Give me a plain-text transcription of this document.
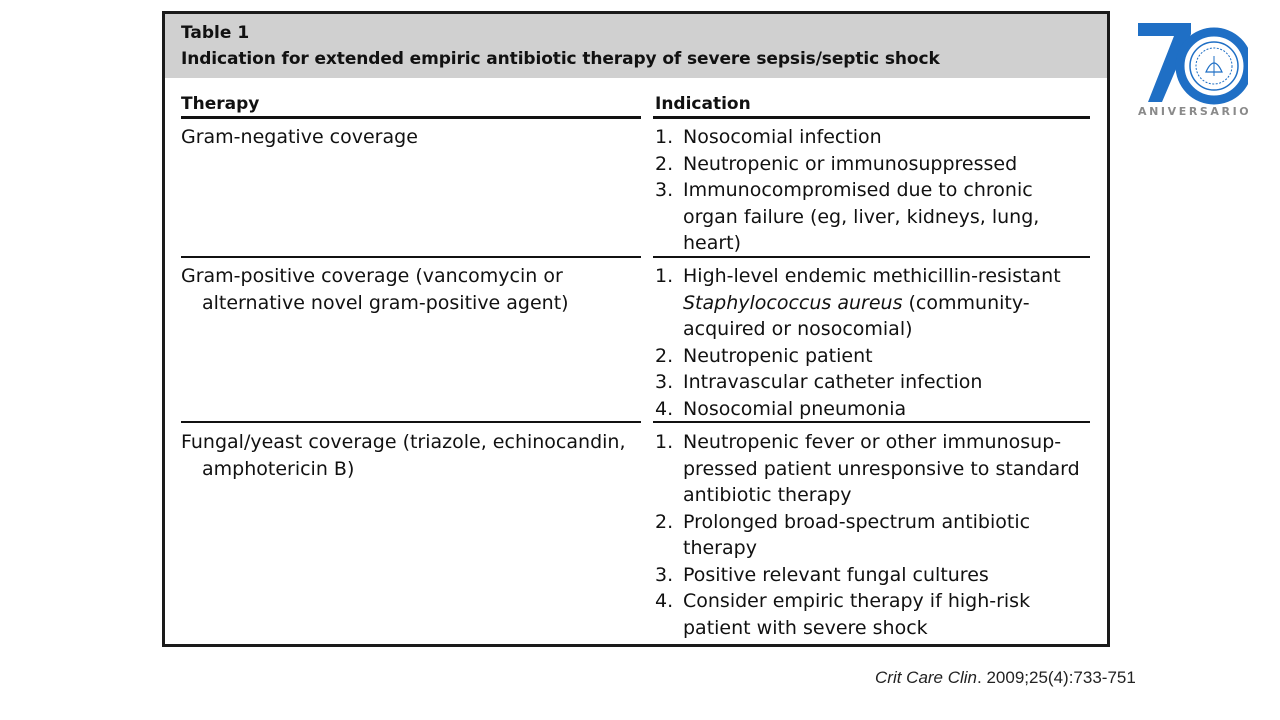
Table 1
Indication for extended empiric antibiotic therapy of severe sepsis/septic shock
Therapy	Indication
Gram-negative coverage	1. Nosocomial infection
2. Neutropenic or immunosuppressed
3. Immunocompromised due to chronic organ failure (eg, liver, kidneys, lung, heart)
Gram-positive coverage (vancomycin or alternative novel gram-positive agent)
1. High-level endemic methicillin-resistant Staphylococcus aureus (community-acquired or nosocomial)
2. Neutropenic patient
3. Intravascular catheter infection
4. Nosocomial pneumonia
Fungal/yeast coverage (triazole, echinocandin, amphotericin B)
1. Neutropenic fever or other immunosup-pressed patient unresponsive to standard antibiotic therapy
2. Prolonged broad-spectrum antibiotic therapy
3. Positive relevant fungal cultures
4. Consider empiric therapy if high-risk patient with severe shock
ANIVERSARIO
Crit Care Clin. 2009;25(4):733-751
